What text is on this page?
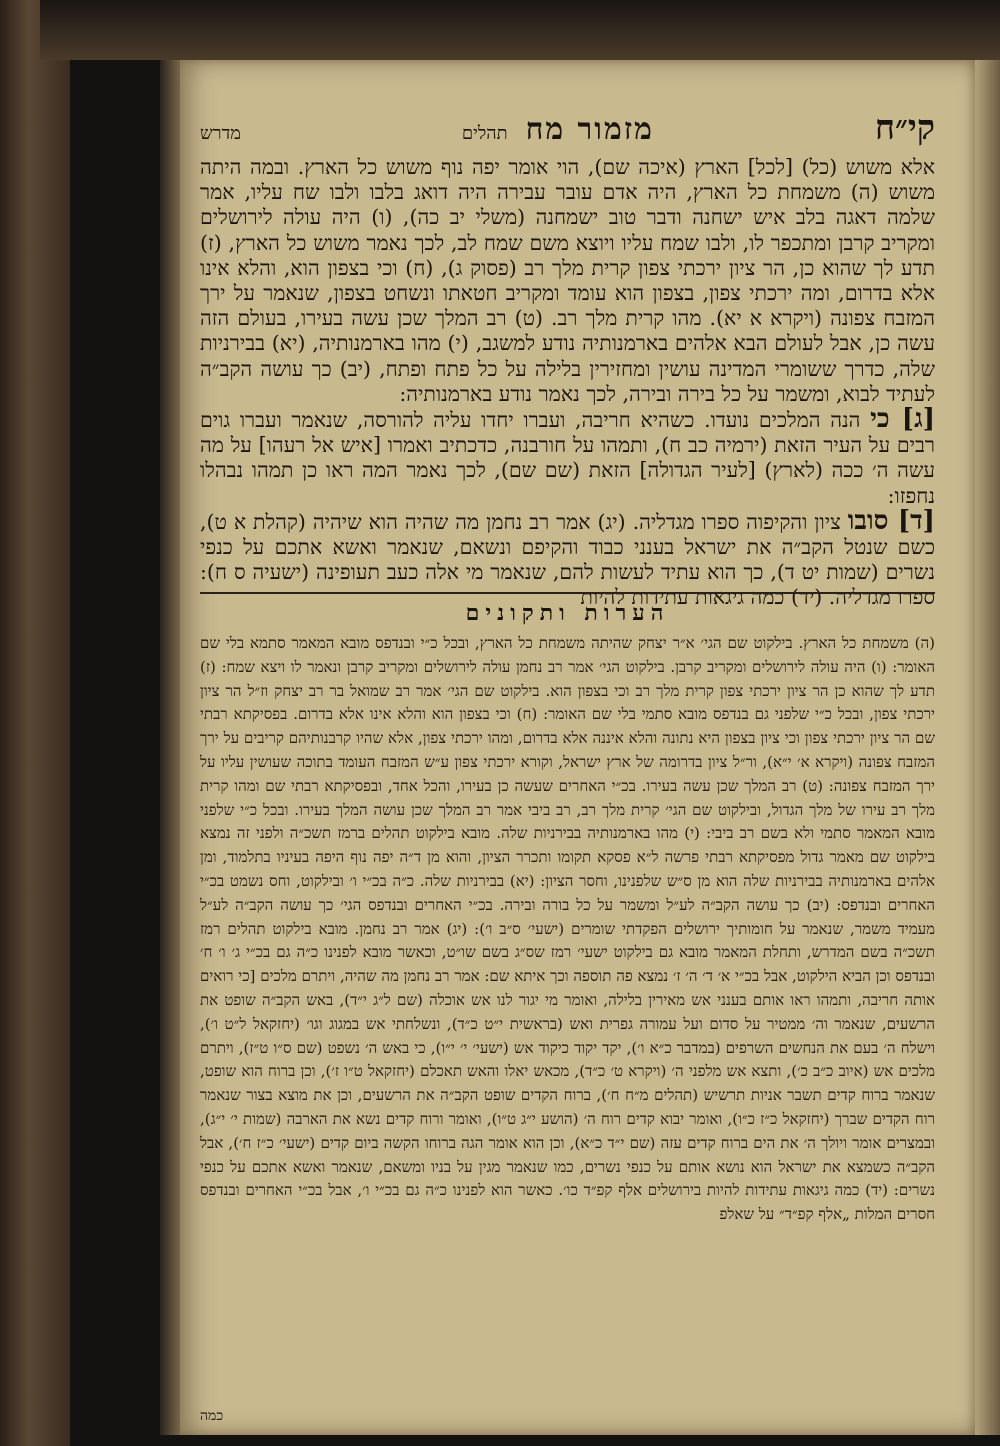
קי״ח
מזמור מח
תהלים
מדרש

אלא משוש (כל) [לכל] הארץ (איכה שם), הוי אומר יפה נוף משוש כל הארץ. ובמה היתה משוש (ה) משמחת כל הארץ, היה אדם עובר עבירה היה דואג בלבו ולבו שח עליו, אמר שלמה דאגה בלב איש ישחנה ודבר טוב ישמחנה (משלי יב כה), (ו) היה עולה לירושלים ומקריב קרבן ומתכפר לו, ולבו שמח עליו ויוצא משם שמח לב, לכך נאמר משוש כל הארץ, (ז) תדע לך שהוא כן, הר ציון ירכתי צפון קרית מלך רב (פסוק ג), (ח) וכי בצפון הוא, והלא אינו אלא בדרום, ומה ירכתי צפון, בצפון הוא עומד ומקריב חטאתו ונשחט בצפון, שנאמר על ירך המזבח צפונה (ויקרא א יא). מהו קרית מלך רב. (ט) רב המלך שכן עשה בעירו, בעולם הזה עשה כן, אבל לעולם הבא אלהים בארמנותיה נודע למשגב, (י) מהו בארמנותיה, (יא) בבירניות שלה, כדרך ששומרי המדינה עושין ומחזירין בלילה על כל פתח ופתח, (יב) כך עושה הקב״ה לעתיד לבוא, ומשמר על כל בירה ובירה, לכך נאמר נודע בארמנותיה:

[ג] כי הנה המלכים נועדו. כשהיא חריבה, ועברו יחדו עליה להורסה, שנאמר ועברו גוים רבים על העיר הזאת (ירמיה כב ח), ותמהו על חורבנה, כדכתיב ואמרו [איש אל רעהו] על מה עשה ה׳ ככה (לארץ) [לעיר הגדולה] הזאת (שם שם), לכך נאמר המה ראו כן תמהו נבהלו נחפזו:

[ד] סובו ציון והקיפוה ספרו מגדליה. (יג) אמר רב נחמן מה שהיה הוא שיהיה (קהלת א ט), כשם שנטל הקב״ה את ישראל בענני כבוד והקיפם ונשאם, שנאמר ואשא אתכם על כנפי נשרים (שמות יט ד), כך הוא עתיד לעשות להם, שנאמר מי אלה כעב תעופינה (ישעיה ס ח): ספרו מגדליה. (יד) כמה גיגאות עתידות להיות

הערות ותקונים

(ה) משמחת כל הארץ. בילקוט שם הגי׳ א״ר יצחק שהיתה משמחת כל הארץ, ובכל כ״י ובנדפס מובא המאמר סתמא בלי שם האומר: (ו) היה עולה לירושלים ומקריב קרבן. בילקוט הגי׳ אמר רב נחמן עולה לירושלים ומקריב קרבן ונאמר לו ויצא שמח: (ז) תדע לך שהוא כן הר ציון ירכתי צפון קרית מלך רב וכי בצפון הוא. בילקוט שם הגי׳ אמר רב שמואל בר רב יצחק וז״ל הר ציון ירכתי צפון, ובכל כ״י שלפני גם בנדפס מובא סתמי בלי שם האומר: (ח) וכי בצפון הוא והלא אינו אלא בדרום. בפסיקתא רבתי שם הר ציון ירכתי צפון וכי ציון בצפון היא נתונה והלא איננה אלא בדרום, ומהו ירכתי צפון, אלא שהיו קרבנותיהם קריבים על ירך המזבח צפונה (ויקרא א׳ י״א), ור״ל ציון בדרומה של ארץ ישראל, וקורא ירכתי צפון ע״ש המזבח העומד בתוכה שעושין עליו על ירך המזבח צפונה: (ט) רב המלך שכן עשה בעירו. בכ״י האחרים שעשה כן בעירו, והכל אחד, ובפסיקתא רבתי שם ומהו קרית מלך רב עירו של מלך הגדול, ובילקוט שם הגי׳ קרית מלך רב, רב ביבי אמר רב המלך שכן עושה המלך בעירו. ובכל כ״י שלפני מובא המאמר סתמי ולא בשם רב ביבי: (י) מהו בארמנותיה בבירניות שלה. מובא בילקוט תהלים ברמז תשכ״ה ולפני זה נמצא בילקוט שם מאמר גדול מפסיקתא רבתי פרשה ל״א פסקא תקומו ותכרר הציון, והוא מן ד״ה יפה נוף היפה בעיניו בתלמוד, ומן אלהים בארמנותיה בבירניות שלה הוא מן ס״ש שלפנינו, וחסר הציון: (יא) בבירניות שלה. כ״ה בכ״י ו׳ ובילקוט, וחס נשמט בכ״י האחרים ובנדפס: (יב) כך עושה הקב״ה לע״ל ומשמר על כל בורה ובירה. בכ״י האחרים ובנדפס הגי׳ כך עושה הקב״ה לע״ל מעמיד משמר, שנאמר על חומותיך ירושלים הפקדתי שומרים (ישעי׳ ס״ב ו׳): (יג) אמר רב נחמן. מובא בילקוט תהלים רמז תשכ״ה בשם המדרש, ותחלת המאמר מובא גם בילקוט ישעי׳ רמז שס״ג בשם שו״ט, וכאשר מובא לפנינו כ״ה גם בכ״י ג׳ ו׳ ח׳ ובנדפס וכן הביא הילקוט, אבל בכ״י א׳ ד׳ ה׳ ז׳ נמצא פה תוספה וכך איתא שם: אמר רב נחמן מה שהיה, ויתרם מלכים [כי רואים אותה חריבה, ותמהו ראו אותם בענני אש מאירין בלילה, ואומר מי יגור לנו אש אוכלה (שם ל״ג י״ד), באש הקב״ה שופט את הרשעים, שנאמר וה׳ ממטיר על סדום ועל עמורה גפרית ואש (בראשית י״ט כ״ד), ונשלחתי אש במגוג וגו׳ (יחזקאל ל״ט ו׳), וישלח ה׳ בעם את הנחשים השרפים (במדבר כ״א ו׳), יקד יקוד כיקוד אש (ישעי׳ י׳ י״ו), כי באש ה׳ נשפט (שם ס״ו ט״ז), ויתרם מלכים אש (איוב כ״ב כ׳), ותצא אש מלפני ה׳ (ויקרא ט׳ כ״ד), מכאש יאלו והאש תאכלם (יחזקאל ט״ו ז׳), וכן ברוח הוא שופט, שנאמר ברוח קדים תשבר אניות תרשיש (תהלים מ״ח ח׳), ברוח הקדים שופט הקב״ה את הרשעים, וכן את מוצא בצור שנאמר רוח הקדים שברך (יחזקאל כ״ז כ״ו), ואומר יבוא קדים רוח ה׳ (הושע י״ג ט״ו), ואומר ורוח קדים נשא את הארבה (שמות י׳ י״ג), ובמצרים אומר ויולך ה׳ את הים ברוח קדים עזה (שם י״ד כ״א), וכן הוא אומר הגה ברוחו הקשה ביום קדים (ישעי׳ כ״ז ח׳), אבל הקב״ה כשמצא את ישראל הוא נושא אותם על כנפי נשרים, כמו שנאמר מגין על בניו ומשאם, שנאמר ואשא אתכם על כנפי נשרים: (יד) כמה גיגאות עתידות להיות בירושלים אלף קפ״ד כו׳. כאשר הוא לפנינו כ״ה גם בכ״י ו׳, אבל בכ״י האחרים ובנדפס חסרים המלות „אלף קפ״ד״ על שאלפ

כמה
